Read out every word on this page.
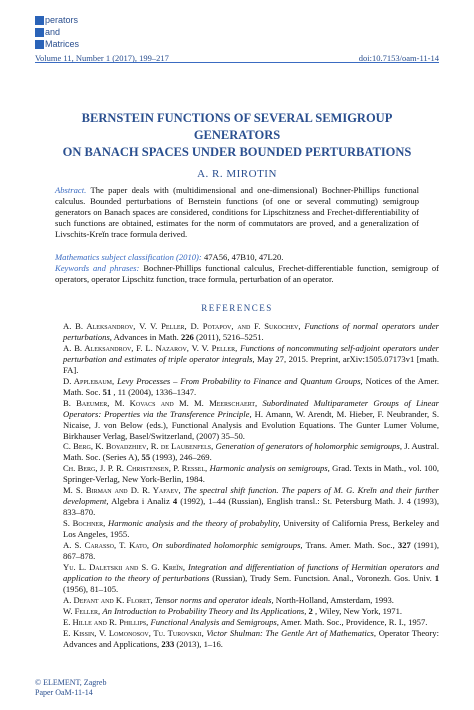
perators
and
Matrices
Volume 11, Number 1 (2017), 199–217	doi:10.7153/oam-11-14
BERNSTEIN FUNCTIONS OF SEVERAL SEMIGROUP GENERATORS
ON BANACH SPACES UNDER BOUNDED PERTURBATIONS
A. R. MIROTIN
Abstract. The paper deals with (multidimensional and one-dimensional) Bochner-Phillips functional calculus. Bounded perturbations of Bernstein functions (of one or several commuting) semigroup generators on Banach spaces are considered, conditions for Lipschitzness and Frechet-differentiability of such functions are obtained, estimates for the norm of commutators are proved, and a generalization of Livschits-Kreĭn trace formula derived.
Mathematics subject classification (2010): 47A56, 47B10, 47L20.
Keywords and phrases: Bochner-Phillips functional calculus, Frechet-differentiable function, semigroup of operators, operator Lipschitz function, trace formula, perturbation of an operator.
REFERENCES
A. B. Aleksandrov, V. V. Peller, D. Potapov, and F. Sukochev, Functions of normal operators under perturbations, Advances in Math. 226 (2011), 5216–5251.
A. B. Aleksandrov, F. L. Nazarov, V. V. Peller, Functions of noncommuting self-adjoint operators under perturbation and estimates of triple operator integrals, May 27, 2015. Preprint, arXiv:1505.07173v1 [math. FA].
D. Applebaum, Levy Processes – From Probability to Finance and Quantum Groups, Notices of the Amer. Math. Soc. 51 , 11 (2004), 1336–1347.
B. Baeumer, M. Kovacs and M. M. Meerschaert, Subordinated Multiparameter Groups of Linear Operators: Properties via the Transference Principle, H. Amann, W. Arendt, M. Hieber, F. Neubrander, S. Nicaise, J. von Below (eds.), Functional Analysis and Evolution Equations. The Gunter Lumer Volume, Birkhauser Verlag, Basel/Switzerland, (2007) 35–50.
C. Berg, K. Boyadzhiev, R. de Laubenfels, Generation of generators of holomorphic semigroups, J. Austral. Math. Soc. (Series A), 55 (1993), 246–269.
Ch. Berg, J. P. R. Christensen, P. Ressel, Harmonic analysis on semigroups, Grad. Texts in Math., vol. 100, Springer-Verlag, New York-Berlin, 1984.
M. S. Birman and D. R. Yafaev, The spectral shift function. The papers of M. G. Kreĭn and their further development, Algebra i Analiz 4 (1992), 1–44 (Russian), English transl.: St. Petersburg Math. J. 4 (1993), 833–870.
S. Bochner, Harmonic analysis and the theory of probabylity, University of California Press, Berkeley and Los Angeles, 1955.
A. S. Carasso, T. Kato, On subordinated holomorphic semigroups, Trans. Amer. Math. Soc., 327 (1991), 867–878.
Yu. L. Daletskii and S. G. Kreĭn, Integration and differentiation of functions of Hermitian operators and application to the theory of perturbations (Russian), Trudy Sem. Functsion. Anal., Voronezh. Gos. Univ. 1 (1956), 81–105.
A. Defant and K. Floret, Tensor norms and operator ideals, North-Holland, Amsterdam, 1993.
W. Feller, An Introduction to Probability Theory and Its Applications, 2 , Wiley, New York, 1971.
E. Hille and R. Phillips, Functional Analysis and Semigroups, Amer. Math. Soc., Providence, R. I., 1957.
E. Kissin, V. Lomonosov, Tu. Turovskii, Victor Shulman: The Gentle Art of Mathematics, Operator Theory: Advances and Applications, 233 (2013), 1–16.
© ELEMENT, Zagreb
Paper OaM-11-14
